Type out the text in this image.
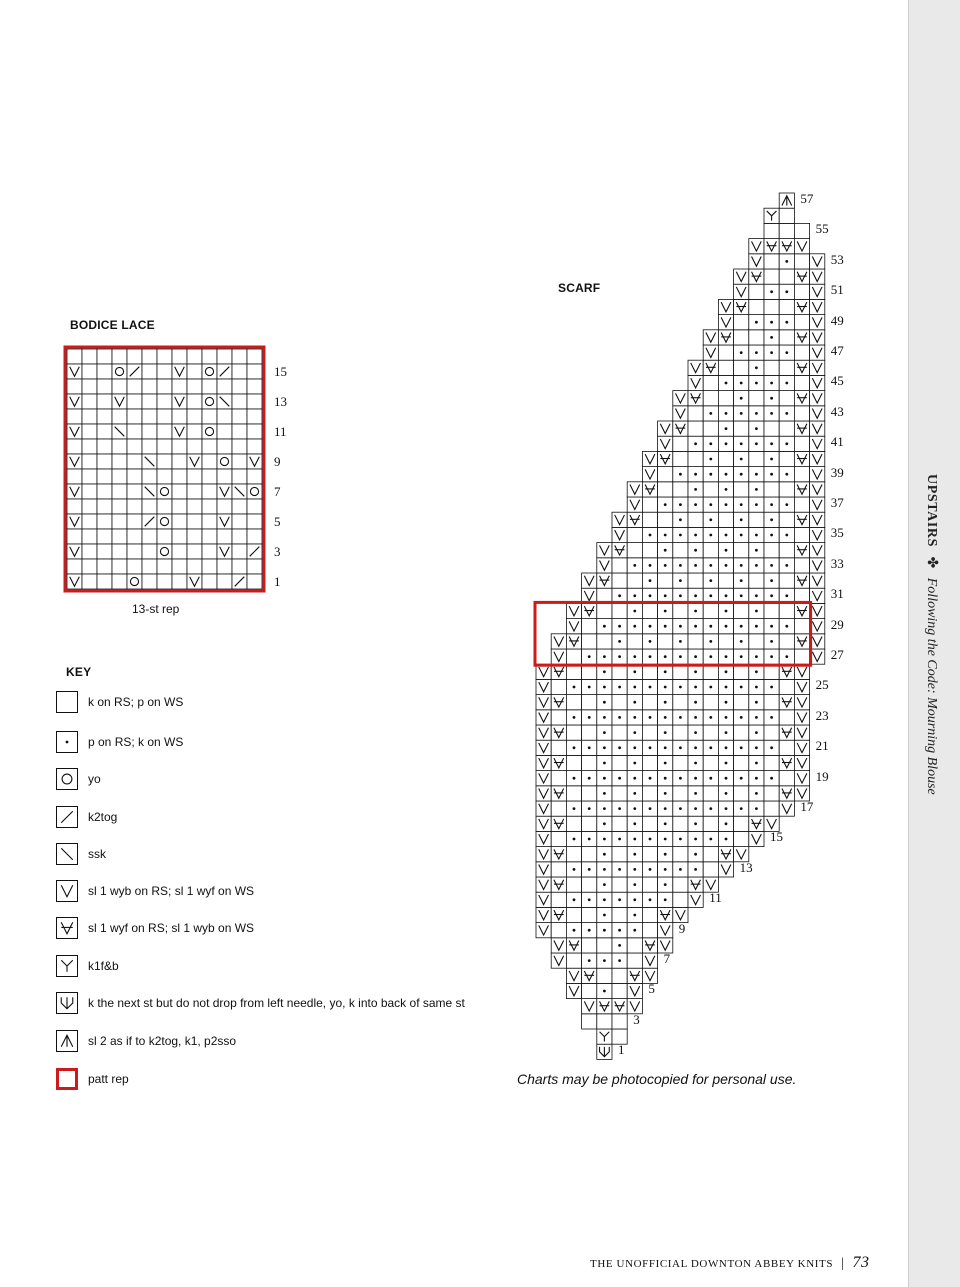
BODICE LACE
15
13
11
9
7
5
3
1
13-st rep
KEY
k on RS; p on WS
p on RS; k on WS
yo
k2tog
ssk
sl 1 wyb on RS; sl 1 wyf on WS
sl 1 wyf on RS; sl 1 wyb on WS
k1f&b
k the next st but do not drop from left needle, yo, k into back of same st
sl 2 as if to k2tog, k1, p2sso
patt rep
SCARF
57
55
53
51
49
47
45
43
41
39
37
35
33
31
29
27
25
23
21
19
17
15
13
11
9
7
5
3
1
Charts may be photocopied for personal use.
UPSTAIRS ✤ Following the Code: Mourning Blouse
THE UNOFFICIAL DOWNTON ABBEY KNITS | 73
